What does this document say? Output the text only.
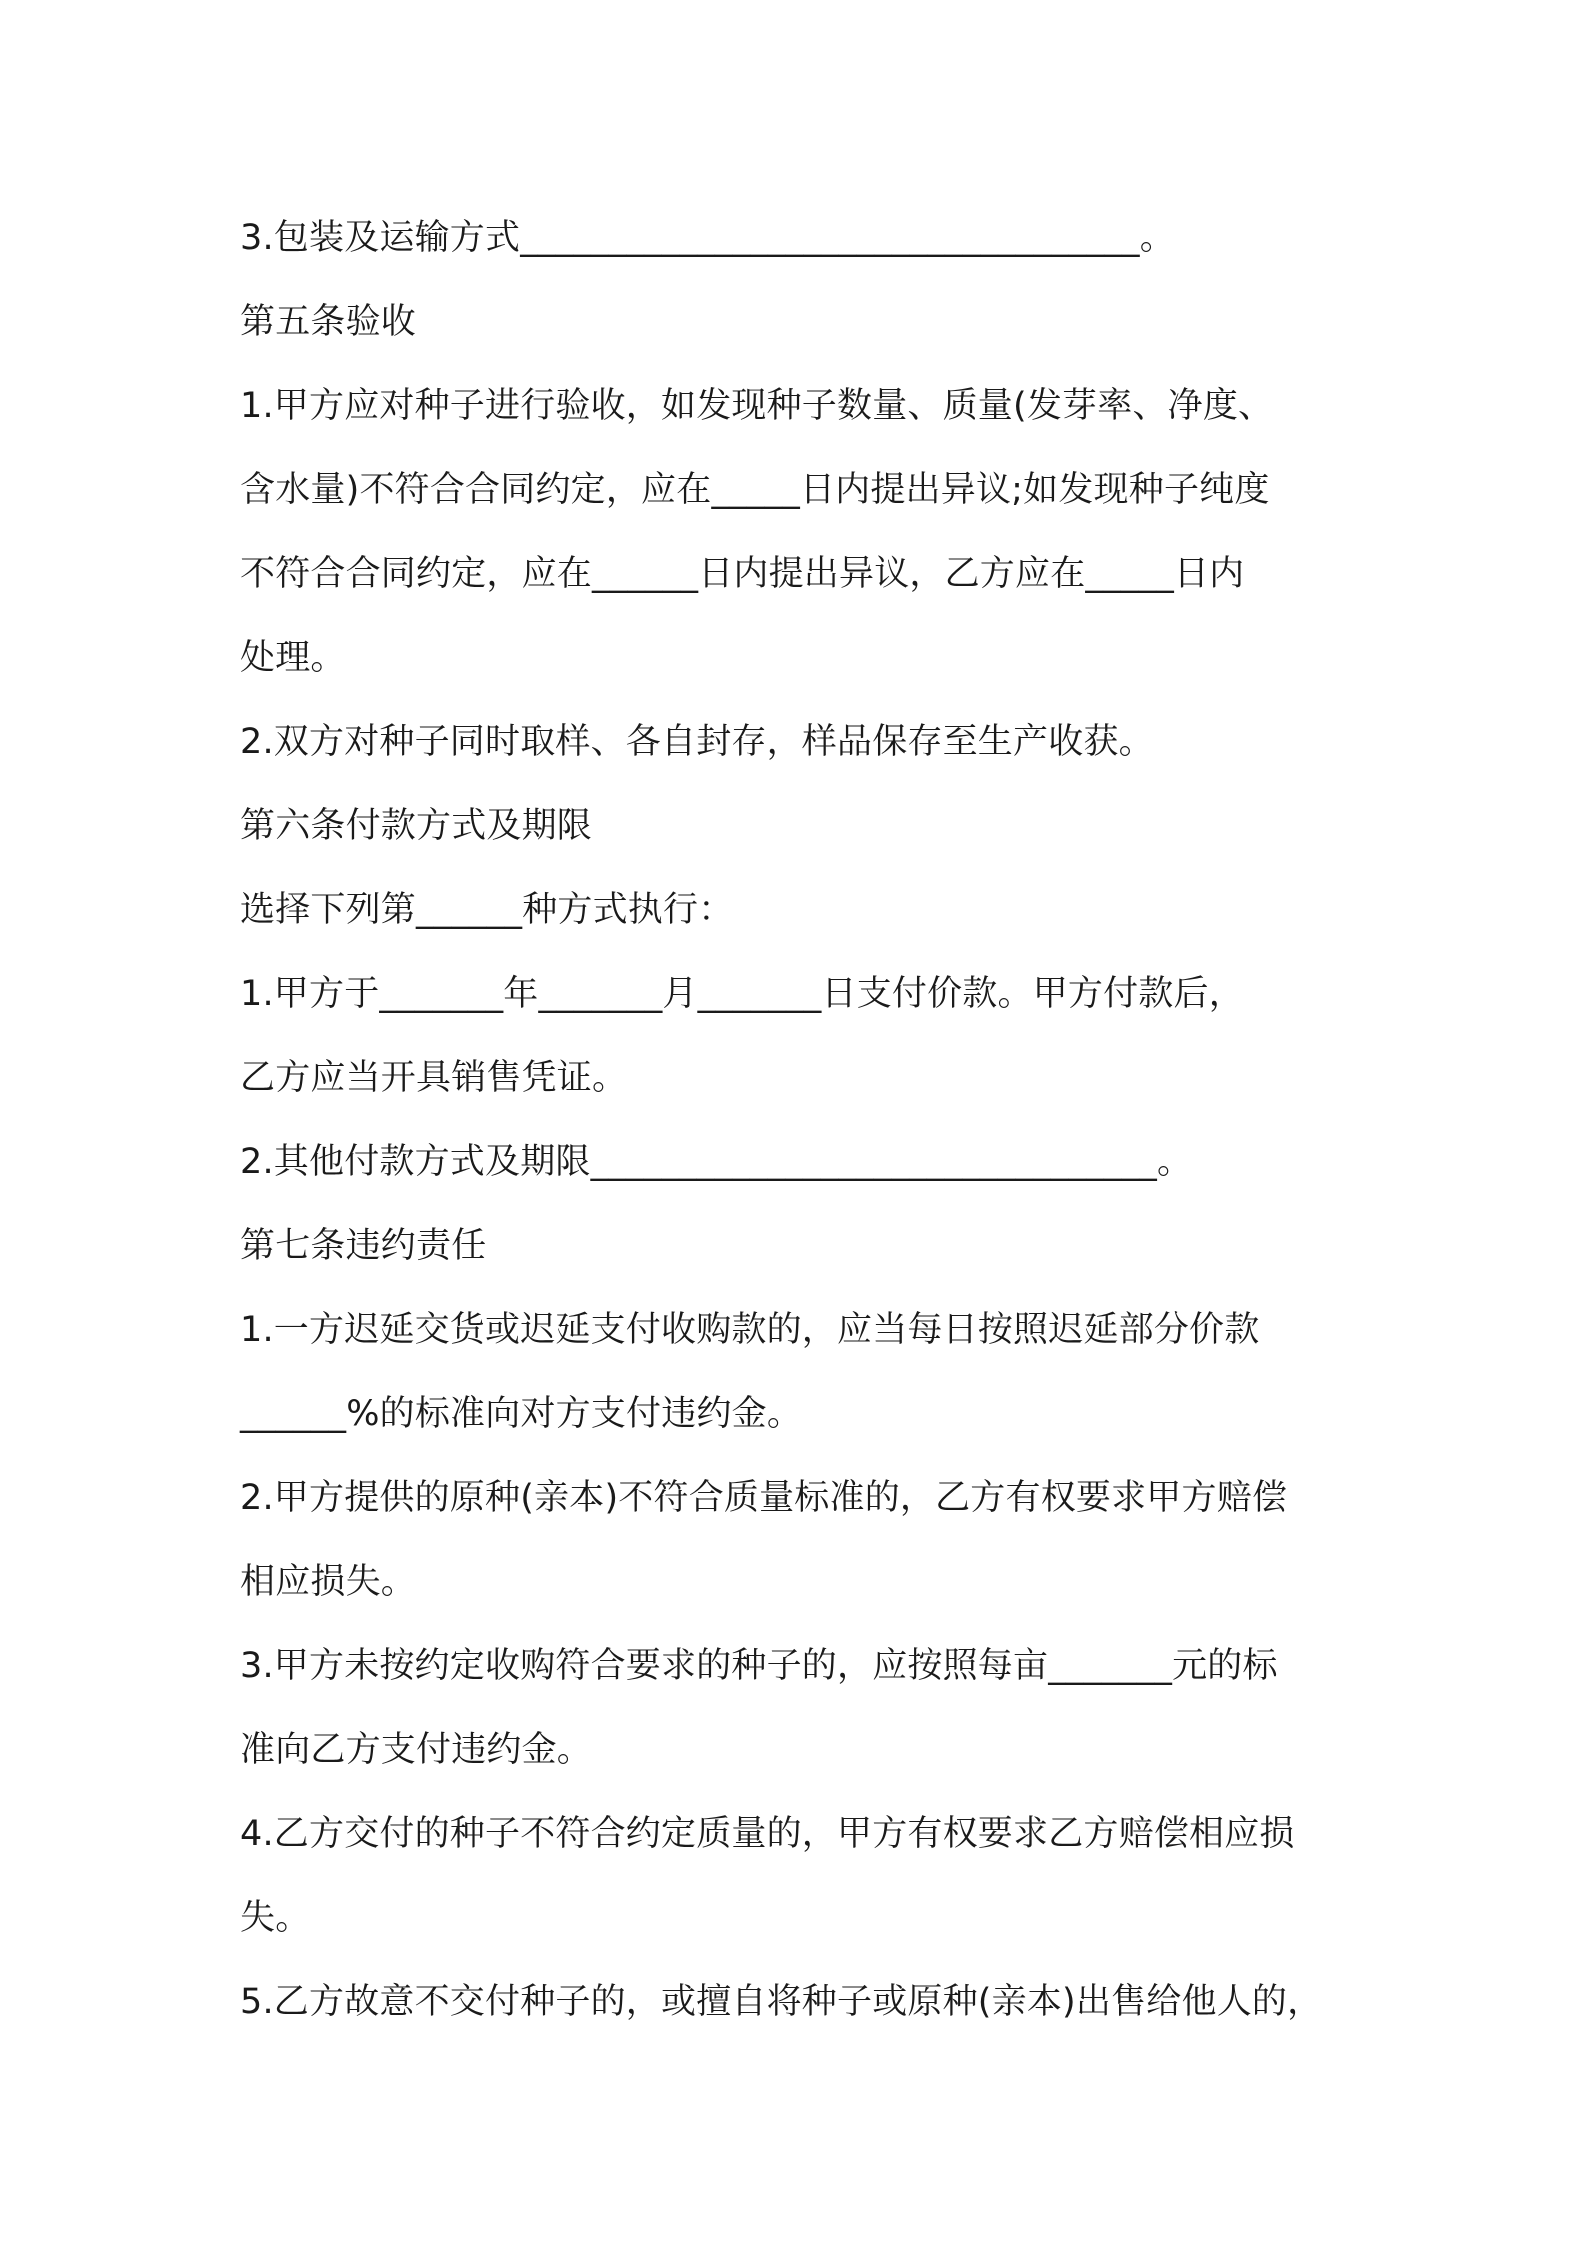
3.包装及运输方式___________________________________。
第五条验收
1.甲方应对种子进行验收，如发现种子数量、质量(发芽率、净度、
含水量)不符合合同约定，应在_____日内提出异议;如发现种子纯度
不符合合同约定，应在______日内提出异议，乙方应在_____日内
处理。
2.双方对种子同时取样、各自封存，样品保存至生产收获。
第六条付款方式及期限
选择下列第______种方式执行：
1.甲方于_______年_______月_______日支付价款。甲方付款后，
乙方应当开具销售凭证。
2.其他付款方式及期限________________________________。
第七条违约责任
1.一方迟延交货或迟延支付收购款的，应当每日按照迟延部分价款
______%的标准向对方支付违约金。
2.甲方提供的原种(亲本)不符合质量标准的，乙方有权要求甲方赔偿
相应损失。
3.甲方未按约定收购符合要求的种子的，应按照每亩_______元的标
准向乙方支付违约金。
4.乙方交付的种子不符合约定质量的，甲方有权要求乙方赔偿相应损
失。
5.乙方故意不交付种子的，或擅自将种子或原种(亲本)出售给他人的，
